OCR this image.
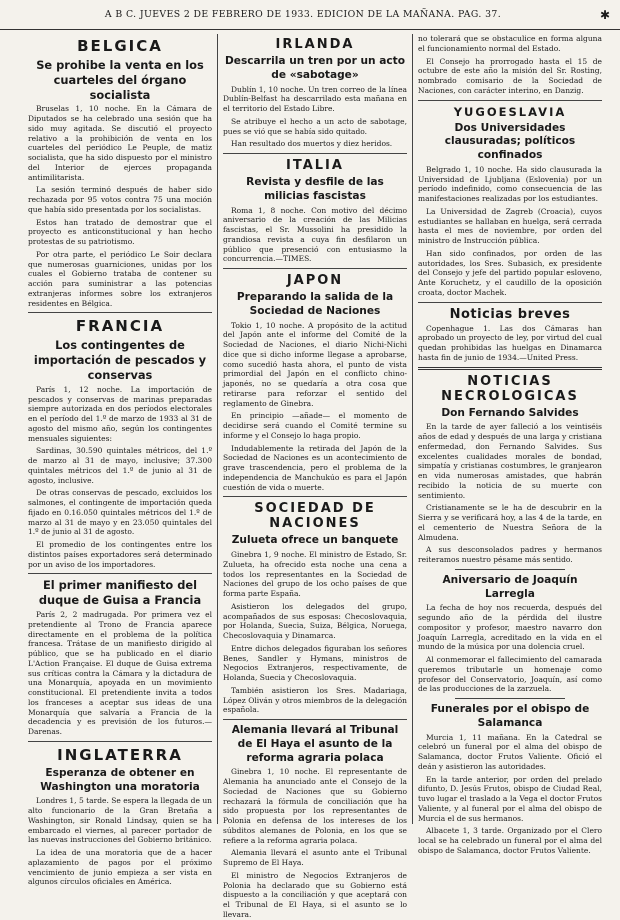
A B C. JUEVES 2 DE FEBRERO DE 1933. EDICION DE LA MAÑANA. PAG. 37.	✱
BELGICA
Se prohibe la venta en los cuarteles del órgano socialista

Bruselas 1, 10 noche. En la Cámara de Diputados se ha celebrado una sesión que ha sido muy agitada. Se discutió el proyecto relativo a la prohibición de venta en los cuarteles del periódico Le Peuple, de matiz socialista, que ha sido dispuesto por el ministro del Interior de ejerces propaganda antimilitarista.

La sesión terminó después de haber sido rechazada por 95 votos contra 75 una moción que había sido presentada por los socialistas.

Estos han tratado de demostrar que el proyecto es anticonstitucional y han hecho protestas de su patriotismo.

Por otra parte, el periódico Le Soir declara que numerosas guarniciones, unidas por los cuales el Gobierno trataba de contener su acción para suministrar a las potencias extranjeras informes sobre los extranjeros residentes en Bélgica.

FRANCIA
Los contingentes de importación de pescados y conservas

París 1, 12 noche. La importación de pescados y conservas de marinas preparadas siempre autorizada en dos períodos electorales en el período del 1.º de marzo de 1933 al 31 de agosto del mismo año, según los contingentes mensuales siguientes:

Sardinas, 30.590 quintales métricos, del 1.º de marzo al 31 de mayo, inclusive; 37.300 quintales métricos del 1.º de junio al 31 de agosto, inclusive.

De otras conservas de pescado, excluidos los salmones, el contingente de importación queda fijado en 0.16.050 quintales métricos del 1.º de marzo al 31 de mayo y en 23.050 quintales del 1.º de junio al 31 de agosto.

El promedio de los contingentes entre los distintos países exportadores será determinado por un aviso de los importadores.

El primer manifiesto del duque de Guisa a Francia

París 2, 2 madrugada. Por primera vez el pretendiente al Trono de Francia aparece directamente en el problema de la política francesa. Trátase de un manifiesto dirigido al público, que se ha publicado en el diario L'Action Française. El duque de Guisa extrema sus críticas contra la Cámara y la dictadura de una Monarquía, apoyada en un movimiento constitucional. El pretendiente invita a todos los franceses a aceptar sus ideas de una Monarquía que salvaría a Francia de la decadencia y es previsión de los futuros.—Darenas.

INGLATERRA
Esperanza de obtener en Washington una moratoria

Londres 1, 5 tarde. Se espera la llegada de un alto funcionario de la Gran Bretaña a Washington, sir Ronald Lindsay, quien se ha embarcado el viernes, al parecer portador de las nuevas instrucciones del Gobierno británico.

La idea de una moratoria que de a hacer aplazamiento de pagos por el próximo vencimiento de junio empieza a ser vista en algunos círculos oficiales en América.

IRLANDA
Descarrila un tren por un acto de «sabotage»

Dublín 1, 10 noche. Un tren correo de la línea Dublín-Belfast ha descarrilado esta mañana en el territorio del Estado Libre.

Se atribuye el hecho a un acto de sabotage, pues se vió que se había sido quitado.

Han resultado dos muertos y diez heridos.

ITALIA
Revista y desfile de las milicias fascistas

Roma 1, 8 noche. Con motivo del décimo aniversario de la creación de las Milicias fascistas, el Sr. Mussolini ha presidido la grandiosa revista a cuya fin desfilaron un público que presenció con entusiasmo la concurrencia.—TIMES.

JAPON
Preparando la salida de la Sociedad de Naciones

Tokio 1, 10 noche. A propósito de la actitud del Japón ante el informe del Comité de la Sociedad de Naciones, el diario Nichi-Nichi dice que si dicho informe llegase a aprobarse, como sucedió hasta ahora, el punto de vista primordial del Japón en el conflicto chino-japonés, no se quedaría a otra cosa que retirarse para reforzar el sentido del reglamento de Ginebra.

En principio —añade— el momento de decidirse será cuando el Comité termine su informe y el Consejo lo haga propio.

Indudablemente la retirada del Japón de la Sociedad de Naciones es un acontecimiento de grave trascendencia, pero el problema de la independencia de Manchukúo es para el Japón cuestión de vida o muerte.

SOCIEDAD DE NACIONES
Zulueta ofrece un banquete

Ginebra 1, 9 noche. El ministro de Estado, Sr. Zulueta, ha ofrecido esta noche una cena a todos los representantes en la Sociedad de Naciones del grupo de los ocho países de que forma parte España.

Asistieron los delegados del grupo, acompañados de sus esposas: Checoslovaquia, por Holanda, Suecia, Suiza, Bélgica, Noruega, Checoslovaquia y Dinamarca.

Entre dichos delegados figuraban los señores Benes, Sandler y Hymans, ministros de Negocios Extranjeros, respectivamente, de Holanda, Suecia y Checoslovaquia.

También asistieron los Sres. Madariaga, López Oliván y otros miembros de la delegación española.

Alemania llevará al Tribunal de El Haya el asunto de la reforma agraria polaca

Ginebra 1, 10 noche. El representante de Alemania ha anunciado ante el Consejo de la Sociedad de Naciones que su Gobierno rechazará la fórmula de conciliación que ha sido propuesta por los representantes de Polonia en defensa de los intereses de los súbditos alemanes de Polonia, en los que se refiere a la reforma agraria polaca.

Alemania llevará el asunto ante el Tribunal Supremo de El Haya.

El ministro de Negocios Extranjeros de Polonia ha declarado que su Gobierno está dispuesto a la conciliación y que aceptará con el Tribunal de El Haya, si el asunto se lo llevara.

no tolerará que se obstaculice en forma alguna el funcionamiento normal del Estado.

El Consejo ha prorrogado hasta el 15 de octubre de este año la misión del Sr. Rosting, nombrado comisario de la Sociedad de Naciones, con carácter interino, en Danzig.

YUGOESLAVIA
Dos Universidades clausuradas; políticos confinados

Belgrado 1, 10 noche. Ha sido clausurada la Universidad de Ljubljana (Eslovenia) por un período indefinido, como consecuencia de las manifestaciones realizadas por los estudiantes.

La Universidad de Zagreb (Croacia), cuyos estudiantes se hallaban en huelga, será cerrada hasta el mes de noviembre, por orden del ministro de Instrucción pública.

Han sido confinados, por orden de las autoridades, los Sres. Subasich, ex presidente del Consejo y jefe del partido popular esloveno, Ante Koruchetz, y el caudillo de la oposición croata, doctor Machek.

Noticias breves

Copenhague 1. Las dos Cámaras han aprobado un proyecto de ley, por virtud del cual quedan prohibidas las huelgas en Dinamarca hasta fin de junio de 1934.—United Press.

NOTICIAS NECROLOGICAS
Don Fernando Salvides

En la tarde de ayer falleció a los veintiséis años de edad y después de una larga y cristiana enfermedad, don Fernando Salvides. Sus excelentes cualidades morales de bondad, simpatía y cristianas costumbres, le granjearon en vida numerosas amistades, que habrán recibido la noticia de su muerte con sentimiento.

Cristianamente se le ha de descubrir en la Sierra y se verificará hoy, a las 4 de la tarde, en el cementerio de Nuestra Señora de la Almudena.

A sus desconsolados padres y hermanos reiteramos nuestro pésame más sentido.

Aniversario de Joaquín Larregla

La fecha de hoy nos recuerda, después del segundo año de la pérdida del ilustre compositor y profesor, maestro navarro don Joaquín Larregla, acreditado en la vida en el mundo de la música por una dolencia cruel.

Al conmemorar el fallecimiento del camarada queremos tributarle un homenaje como profesor del Conservatorio, Joaquín, así como de las producciones de la zarzuela.

Funerales por el obispo de Salamanca

Murcia 1, 11 mañana. En la Catedral se celebró un funeral por el alma del obispo de Salamanca, doctor Frutos Valiente. Ofició el deán y asistieron las autoridades.

En la tarde anterior, por orden del prelado difunto, D. Jesús Frutos, obispo de Ciudad Real, tuvo lugar el traslado a la Vega el doctor Frutos Valiente, y al funeral por el alma del obispo de Murcia el de sus hermanos.

Albacete 1, 3 tarde. Organizado por el Clero local se ha celebrado un funeral por el alma del obispo de Salamanca, doctor Frutos Valiente.
